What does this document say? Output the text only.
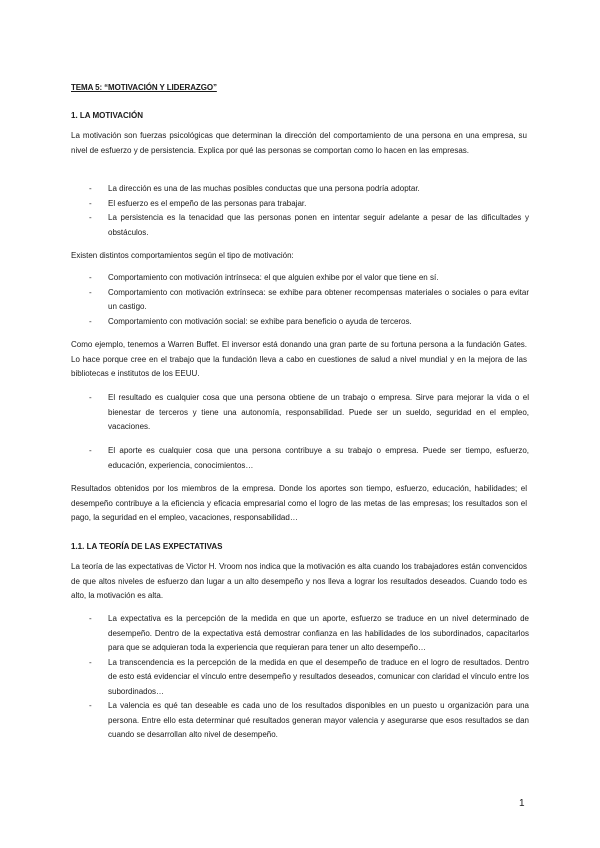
TEMA 5: “MOTIVACIÓN Y LIDERAZGO”
1. LA MOTIVACIÓN
La motivación son fuerzas psicológicas que determinan la dirección del comportamiento de una persona en una empresa, su nivel de esfuerzo y de persistencia. Explica por qué las personas se comportan como lo hacen en las empresas.
- La dirección es una de las muchas posibles conductas que una persona podría adoptar.
- El esfuerzo es el empeño de las personas para trabajar.
- La persistencia es la tenacidad que las personas ponen en intentar seguir adelante a pesar de las dificultades y obstáculos.
Existen distintos comportamientos según el tipo de motivación:
- Comportamiento con motivación intrínseca: el que alguien exhibe por el valor que tiene en sí.
- Comportamiento con motivación extrínseca: se exhibe para obtener recompensas materiales o sociales o para evitar un castigo.
- Comportamiento con motivación social: se exhibe para beneficio o ayuda de terceros.
Como ejemplo, tenemos a Warren Buffet. El inversor está donando una gran parte de su fortuna persona a la fundación Gates. Lo hace porque cree en el trabajo que la fundación lleva a cabo en cuestiones de salud a nivel mundial y en la mejora de las bibliotecas e institutos de los EEUU.
- El resultado es cualquier cosa que una persona obtiene de un trabajo o empresa. Sirve para mejorar la vida o el bienestar de terceros y tiene una autonomía, responsabilidad. Puede ser un sueldo, seguridad en el empleo, vacaciones.
- El aporte es cualquier cosa que una persona contribuye a su trabajo o empresa. Puede ser tiempo, esfuerzo, educación, experiencia, conocimientos…
Resultados obtenidos por los miembros de la empresa. Donde los aportes son tiempo, esfuerzo, educación, habilidades; el desempeño contribuye a la eficiencia y eficacia empresarial como el logro de las metas de las empresas; los resultados son el pago, la seguridad en el empleo, vacaciones, responsabilidad…
1.1. LA TEORÍA DE LAS EXPECTATIVAS
La teoría de las expectativas de Victor H. Vroom nos indica que la motivación es alta cuando los trabajadores están convencidos de que altos niveles de esfuerzo dan lugar a un alto desempeño y nos lleva a lograr los resultados deseados. Cuando todo es alto, la motivación es alta.
- La expectativa es la percepción de la medida en que un aporte, esfuerzo se traduce en un nivel determinado de desempeño. Dentro de la expectativa está demostrar confianza en las habilidades de los subordinados, capacitarlos para que se adquieran toda la experiencia que requieran para tener un alto desempeño…
- La transcendencia es la percepción de la medida en que el desempeño de traduce en el logro de resultados. Dentro de esto está evidenciar el vínculo entre desempeño y resultados deseados, comunicar con claridad el vínculo entre los subordinados…
- La valencia es qué tan deseable es cada uno de los resultados disponibles en un puesto u organización para una persona. Entre ello esta determinar qué resultados generan mayor valencia y asegurarse que esos resultados se dan cuando se desarrollan alto nivel de desempeño.
1
